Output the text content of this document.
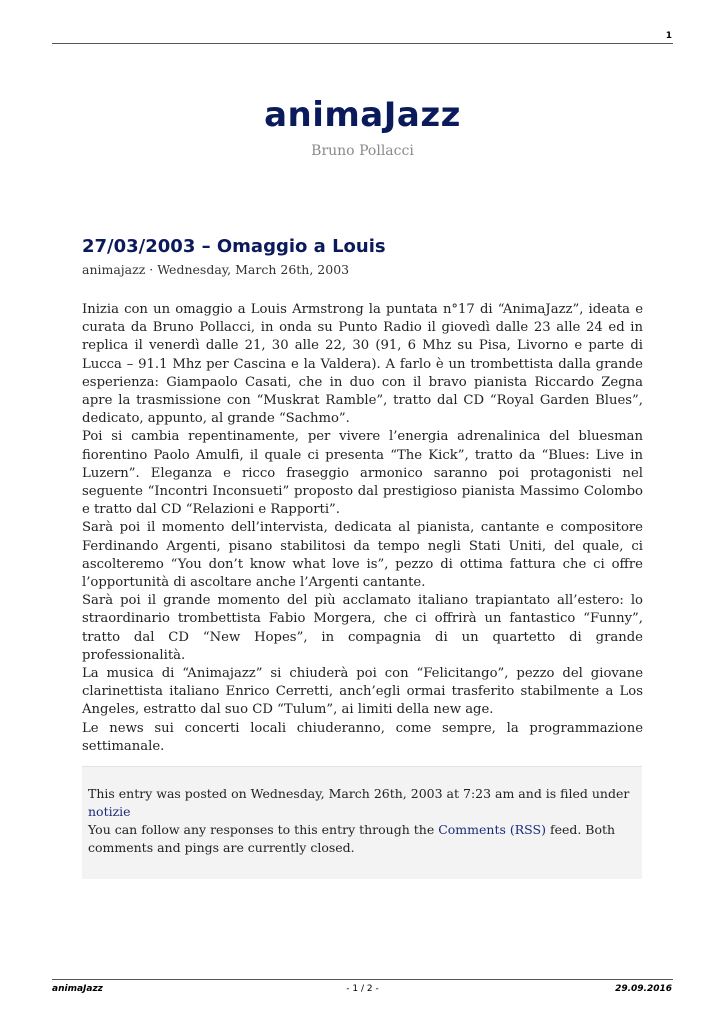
1
animaJazz
Bruno Pollacci
27/03/2003 – Omaggio a Louis
animajazz · Wednesday, March 26th, 2003

Inizia con un omaggio a Louis Armstrong la puntata n°17 di “AnimaJazz”, ideata e curata da Bruno Pollacci, in onda su Punto Radio il giovedì dalle 23 alle 24 ed in replica il venerdì dalle 21, 30 alle 22, 30 (91, 6 Mhz su Pisa, Livorno e parte di Lucca – 91.1 Mhz per Cascina e la Valdera). A farlo è un trombettista dalla grande esperienza: Giampaolo Casati, che in duo con il bravo pianista Riccardo Zegna apre la trasmissione con “Muskrat Ramble”, tratto dal CD “Royal Garden Blues”, dedicato, appunto, al grande “Sachmo”.

Poi si cambia repentinamente, per vivere l’energia adrenalinica del bluesman fiorentino Paolo Amulfi, il quale ci presenta “The Kick”, tratto da “Blues: Live in Luzern”. Eleganza e ricco fraseggio armonico saranno poi protagonisti nel seguente “Incontri Inconsueti” proposto dal prestigioso pianista Massimo Colombo e tratto dal CD “Relazioni e Rapporti”.

Sarà poi il momento dell’intervista, dedicata al pianista, cantante e compositore Ferdinando Argenti, pisano stabilitosi da tempo negli Stati Uniti, del quale, ci ascolteremo “You don’t know what love is”, pezzo di ottima fattura che ci offre l’opportunità di ascoltare anche l’Argenti cantante.

Sarà poi il grande momento del più acclamato italiano trapiantato all’estero: lo straordinario trombettista Fabio Morgera, che ci offrirà un fantastico “Funny”, tratto dal CD “New Hopes”, in compagnia di un quartetto di grande professionalità.

La musica di “Animajazz” si chiuderà poi con “Felicitango”, pezzo del giovane clarinettista italiano Enrico Cerretti, anch’egli ormai trasferito stabilmente a Los Angeles, estratto dal suo CD “Tulum”, ai limiti della new age.

Le news sui concerti locali chiuderanno, come sempre, la programmazione settimanale.

This entry was posted on Wednesday, March 26th, 2003 at 7:23 am and is filed under notizie
You can follow any responses to this entry through the Comments (RSS) feed. Both comments and pings are currently closed.
animaJazz	- 1 / 2 -	29.09.2016
